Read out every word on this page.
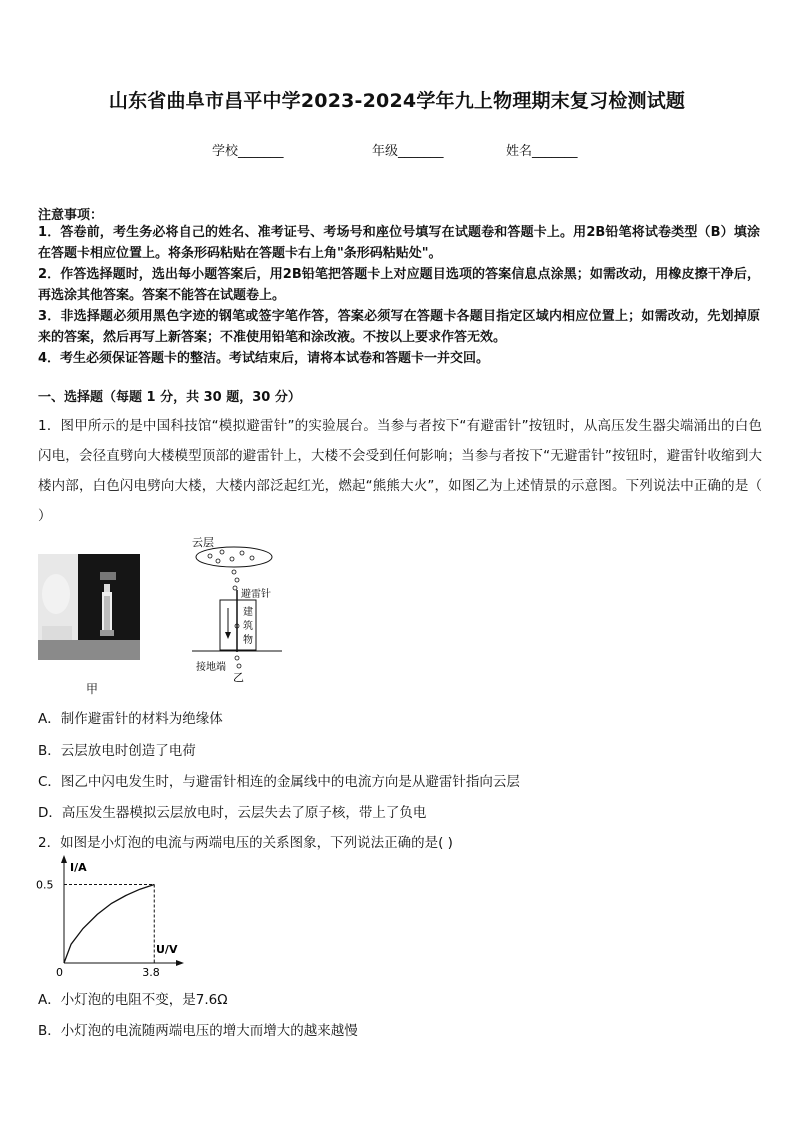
山东省曲阜市昌平中学2023-2024学年九上物理期末复习检测试题
学校_______	年级_______	姓名_______
注意事项：

1．答卷前，考生务必将自己的姓名、准考证号、考场号和座位号填写在试题卷和答题卡上。用2B铅笔将试卷类型（B）填涂在答题卡相应位置上。将条形码粘贴在答题卡右上角"条形码粘贴处"。

2．作答选择题时，选出每小题答案后，用2B铅笔把答题卡上对应题目选项的答案信息点涂黑；如需改动，用橡皮擦干净后，再选涂其他答案。答案不能答在试题卷上。

3．非选择题必须用黑色字迹的钢笔或签字笔作答，答案必须写在答题卡各题目指定区域内相应位置上；如需改动，先划掉原来的答案，然后再写上新答案；不准使用铅笔和涂改液。不按以上要求作答无效。

4．考生必须保证答题卡的整洁。考试结束后，请将本试卷和答题卡一并交回。

一、选择题（每题 1 分，共 30 题，30 分）
1．图甲所示的是中国科技馆“模拟避雷针”的实验展台。当参与者按下“有避雷针”按钮时，从高压发生器尖端涌出的白色闪电，会径直劈向大楼模型顶部的避雷针上，大楼不会受到任何影响；当参与者按下“无避雷针”按钮时，避雷针收缩到大楼内部，白色闪电劈向大楼，大楼内部泛起红光，燃起“熊熊大火”，如图乙为上述情景的示意图。下列说法中正确的是（ ）
甲
云层
避雷针
建
筑
物
接地端
乙
A．制作避雷针的材料为绝缘体
B．云层放电时创造了电荷
C．图乙中闪电发生时，与避雷针相连的金属线中的电流方向是从避雷针指向云层
D．高压发生器模拟云层放电时，云层失去了原子核，带上了负电
2．如图是小灯泡的电流与两端电压的关系图象，下列说法正确的是( )
I/A
U/V
0
0.5
3.8
A．小灯泡的电阻不变，是7.6Ω
B．小灯泡的电流随两端电压的增大而增大的越来越慢
